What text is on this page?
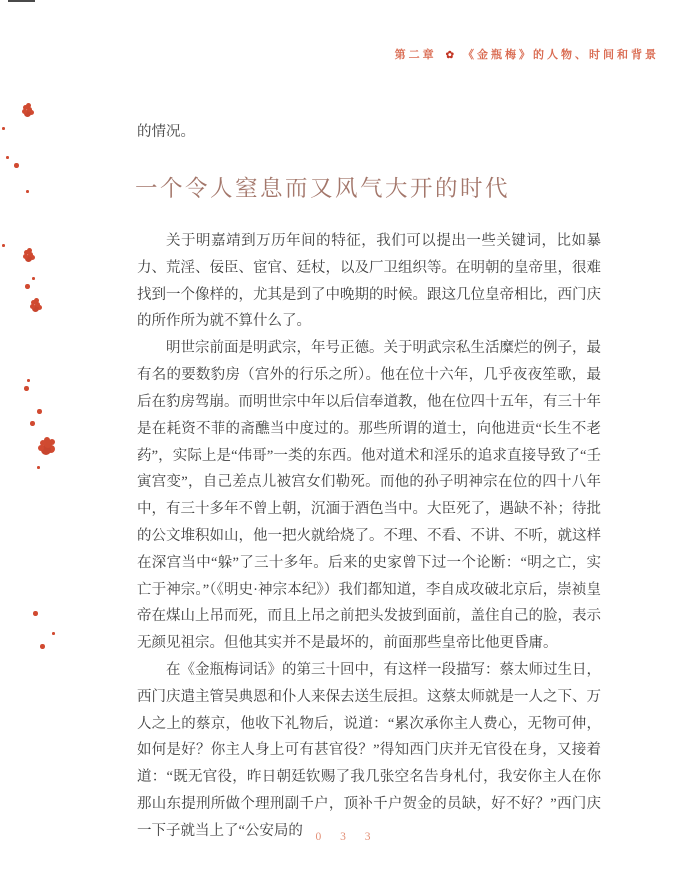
第二章 ✿ 《金瓶梅》的人物、时间和背景
的情况。
一个令人窒息而又风气大开的时代

关于明嘉靖到万历年间的特征，我们可以提出一些关键词，比如暴力、荒淫、佞臣、宦官、廷杖，以及厂卫组织等。在明朝的皇帝里，很难找到一个像样的，尤其是到了中晚期的时候。跟这几位皇帝相比，西门庆的所作所为就不算什么了。

明世宗前面是明武宗，年号正德。关于明武宗私生活糜烂的例子，最有名的要数豹房（宫外的行乐之所）。他在位十六年，几乎夜夜笙歌，最后在豹房驾崩。而明世宗中年以后信奉道教，他在位四十五年，有三十年是在耗资不菲的斋醮当中度过的。那些所谓的道士，向他进贡“长生不老药”，实际上是“伟哥”一类的东西。他对道术和淫乐的追求直接导致了“壬寅宫变”，自己差点儿被宫女们勒死。而他的孙子明神宗在位的四十八年中，有三十多年不曾上朝，沉湎于酒色当中。大臣死了，遇缺不补；待批的公文堆积如山，他一把火就给烧了。不理、不看、不讲、不听，就这样在深宫当中“躲”了三十多年。后来的史家曾下过一个论断：“明之亡，实亡于神宗。”（《明史·神宗本纪》）我们都知道，李自成攻破北京后，崇祯皇帝在煤山上吊而死，而且上吊之前把头发披到面前，盖住自己的脸，表示无颜见祖宗。但他其实并不是最坏的，前面那些皇帝比他更昏庸。

在《金瓶梅词话》的第三十回中，有这样一段描写：蔡太师过生日，西门庆遣主管吴典恩和仆人来保去送生辰担。这蔡太师就是一人之下、万人之上的蔡京，他收下礼物后，说道：“累次承你主人费心，无物可伸，如何是好？你主人身上可有甚官役？”得知西门庆并无官役在身，又接着道：“既无官役，昨日朝廷钦赐了我几张空名告身札付，我安你主人在你那山东提刑所做个理刑副千户，顶补千户贺金的员缺，好不好？”西门庆一下子就当上了“公安局的	0 3 3
